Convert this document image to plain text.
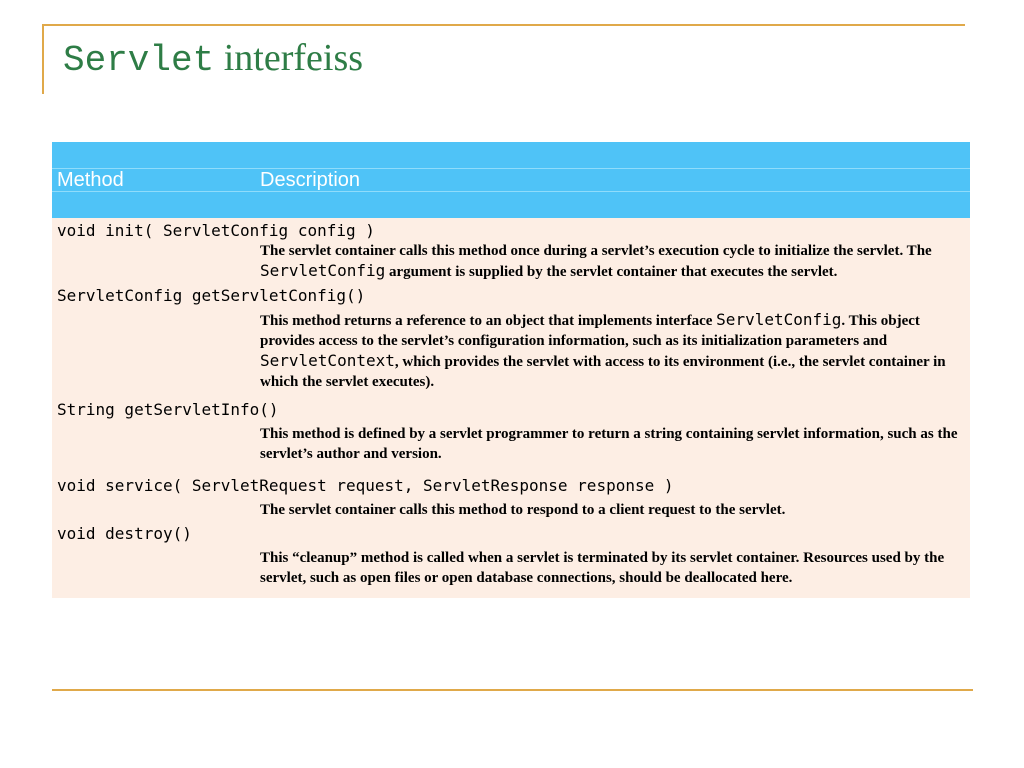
Servlet interfeiss
Method	Description
void init( ServletConfig config )
The servlet container calls this method once during a servlet’s execution cycle to initialize the servlet. The ServletConfig argument is supplied by the servlet container that executes the servlet.
ServletConfig getServletConfig()
This method returns a reference to an object that implements interface ServletConfig. This object provides access to the servlet’s configuration information, such as its initialization parameters and ServletContext, which provides the servlet with access to its environment (i.e., the servlet container in which the servlet executes).
String getServletInfo()
This method is defined by a servlet programmer to return a string containing servlet information, such as the servlet’s author and version.
void service( ServletRequest request, ServletResponse response )
The servlet container calls this method to respond to a client request to the servlet.
void destroy()
This “cleanup” method is called when a servlet is terminated by its servlet container. Resources used by the servlet, such as open files or open database connections, should be deallocated here.
